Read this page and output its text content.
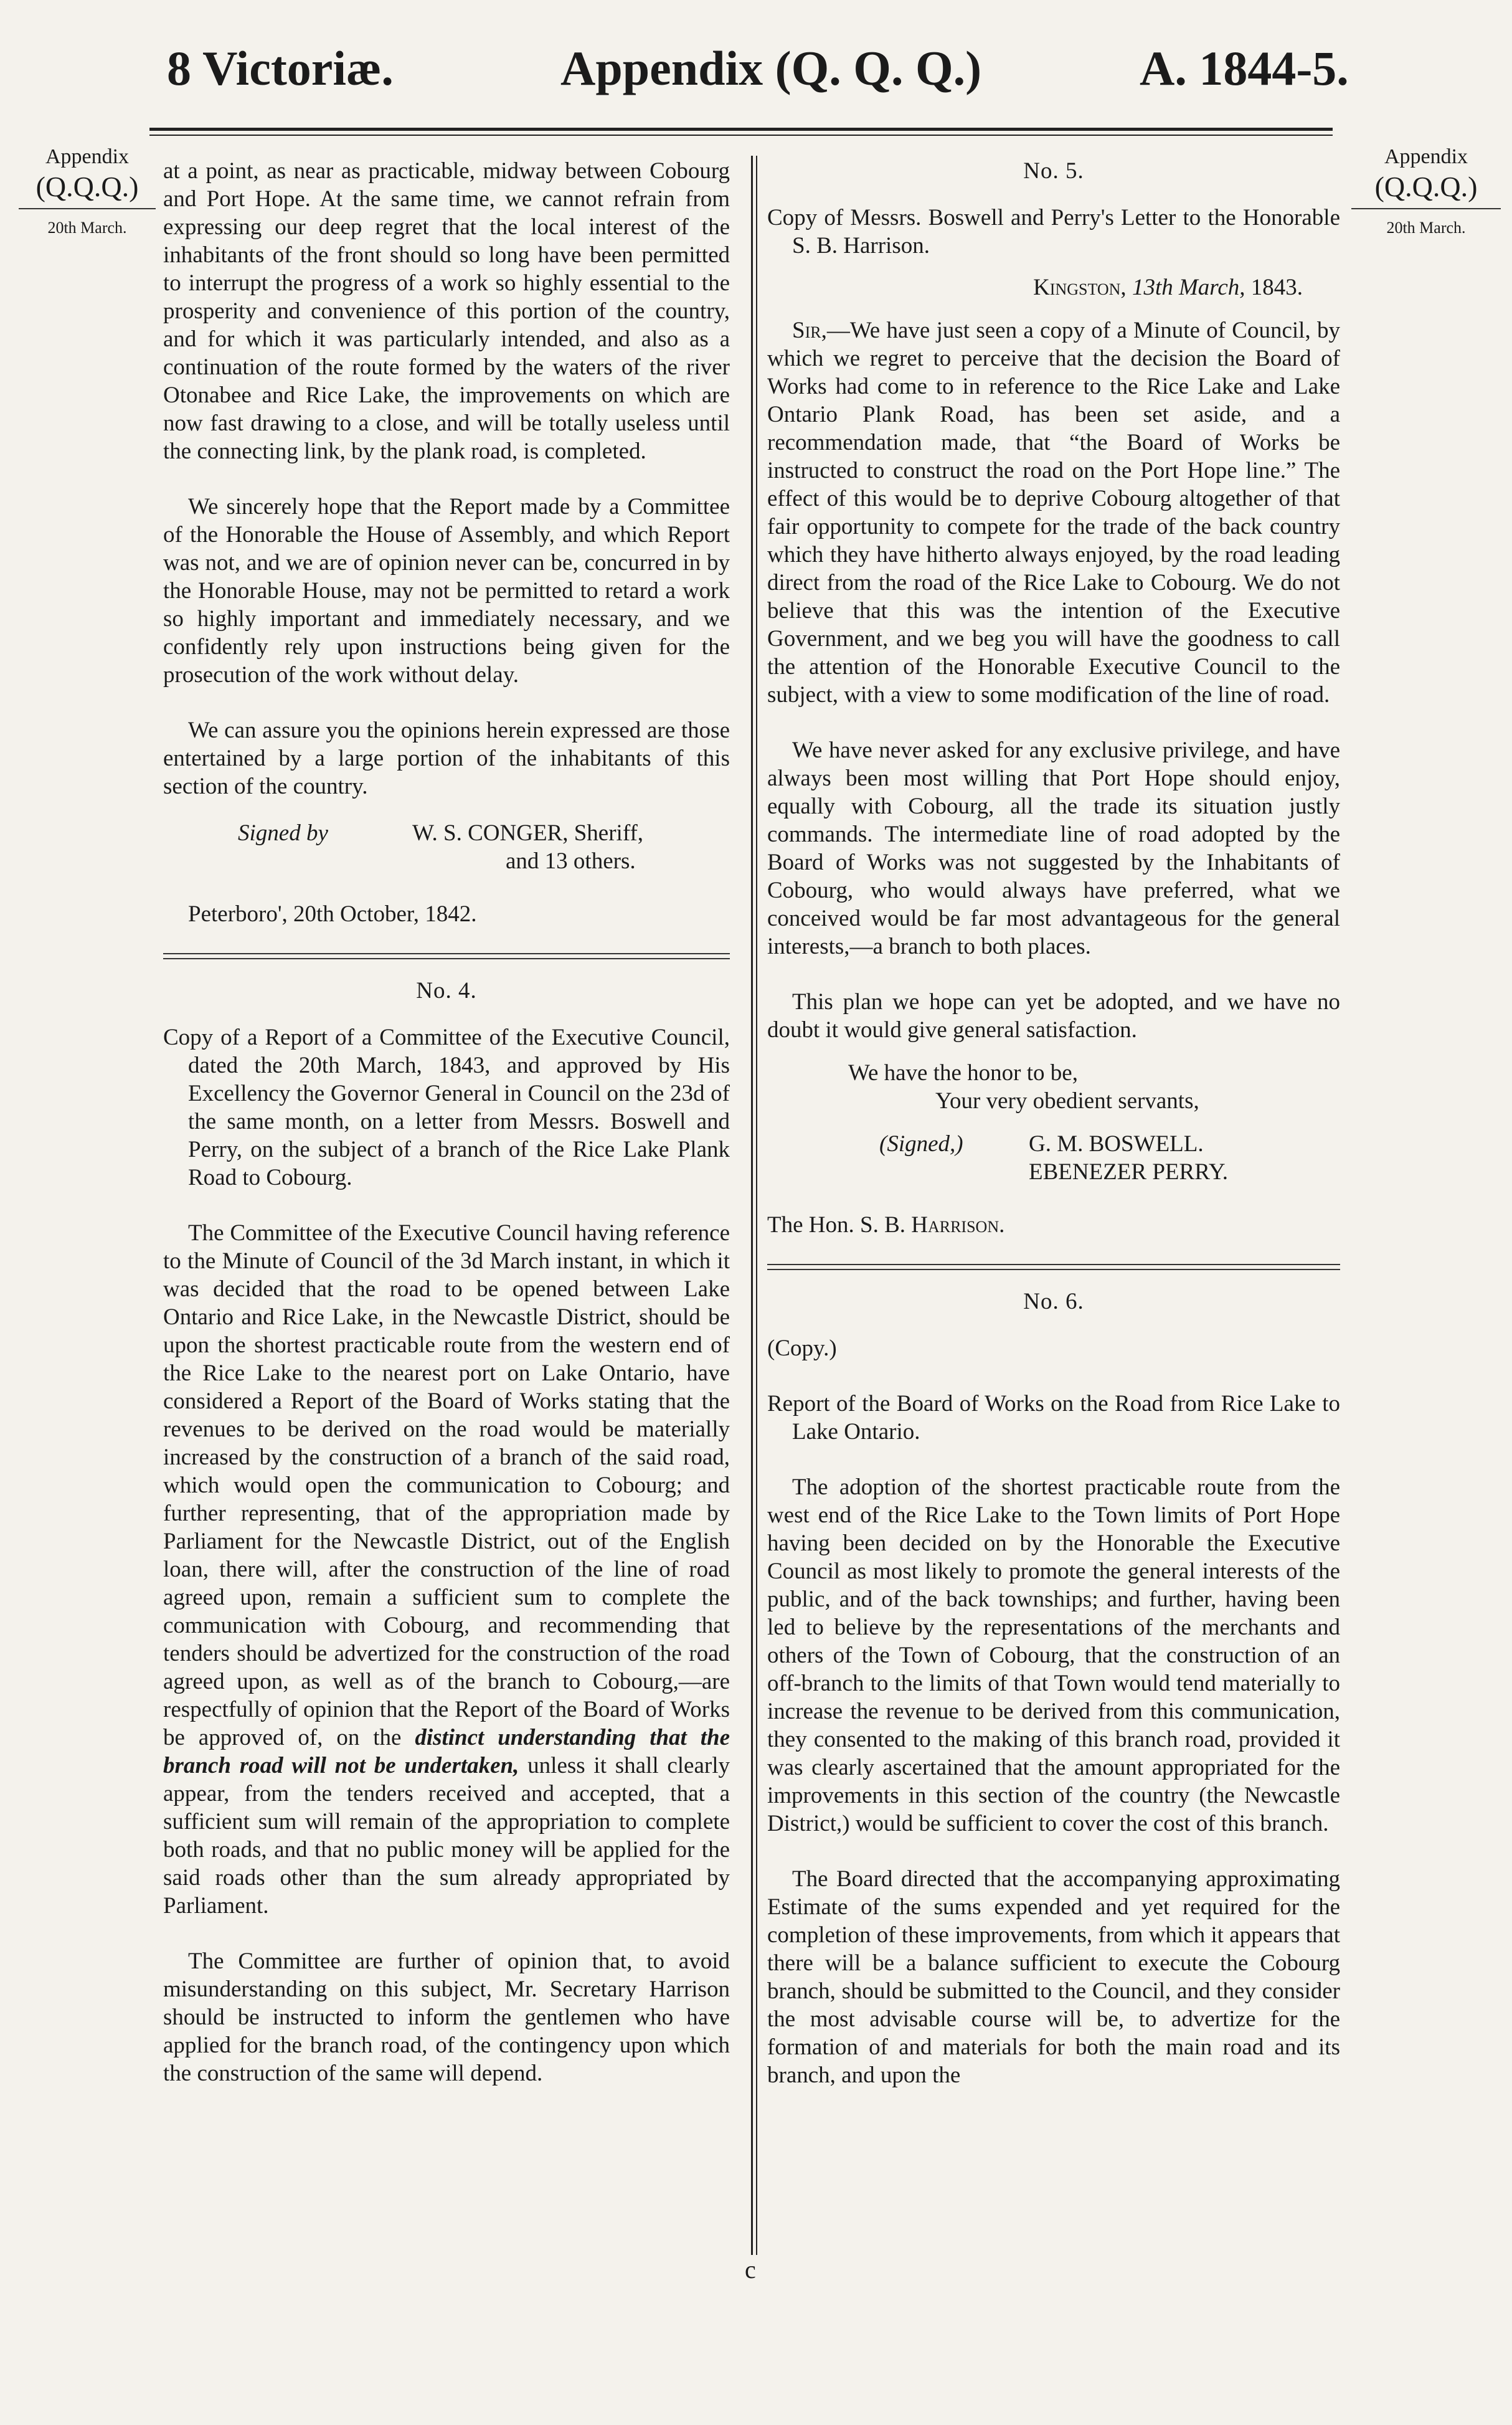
8 Victoriæ.	Appendix (Q. Q. Q.)	A. 1844-5.
Appendix
(Q.Q.Q.)
20th March.
Appendix
(Q.Q.Q.)
20th March.

at a point, as near as practicable, midway between Cobourg and Port Hope. At the same time, we cannot refrain from expressing our deep regret that the local interest of the inhabitants of the front should so long have been permitted to interrupt the progress of a work so highly essential to the prosperity and convenience of this portion of the country, and for which it was particularly intended, and also as a continuation of the route formed by the waters of the river Otonabee and Rice Lake, the improvements on which are now fast drawing to a close, and will be totally useless until the connecting link, by the plank road, is completed.

We sincerely hope that the Report made by a Committee of the Honorable the House of Assembly, and which Report was not, and we are of opinion never can be, concurred in by the Honorable House, may not be permitted to retard a work so highly important and immediately necessary, and we confidently rely upon instructions being given for the prosecution of the work without delay.

We can assure you the opinions herein expressed are those entertained by a large portion of the inhabitants of this section of the country.

Signed by	W. S. CONGER, Sheriff,
and 13 others.

Peterboro', 20th October, 1842.

No. 4.

Copy of a Report of a Committee of the Executive Council, dated the 20th March, 1843, and approved by His Excellency the Governor General in Council on the 23d of the same month, on a letter from Messrs. Boswell and Perry, on the subject of a branch of the Rice Lake Plank Road to Cobourg.

The Committee of the Executive Council having reference to the Minute of Council of the 3d March instant, in which it was decided that the road to be opened between Lake Ontario and Rice Lake, in the Newcastle District, should be upon the shortest practicable route from the western end of the Rice Lake to the nearest port on Lake Ontario, have considered a Report of the Board of Works stating that the revenues to be derived on the road would be materially increased by the construction of a branch of the said road, which would open the communication to Cobourg; and further representing, that of the appropriation made by Parliament for the Newcastle District, out of the English loan, there will, after the construction of the line of road agreed upon, remain a sufficient sum to complete the communication with Cobourg, and recommending that tenders should be advertized for the construction of the road agreed upon, as well as of the branch to Cobourg,—are respectfully of opinion that the Report of the Board of Works be approved of, on the distinct understanding that the branch road will not be undertaken, unless it shall clearly appear, from the tenders received and accepted, that a sufficient sum will remain of the appropriation to complete both roads, and that no public money will be applied for the said roads other than the sum already appropriated by Parliament.

The Committee are further of opinion that, to avoid misunderstanding on this subject, Mr. Secretary Harrison should be instructed to inform the gentlemen who have applied for the branch road, of the contingency upon which the construction of the same will depend.

No. 5.

Copy of Messrs. Boswell and Perry's Letter to the Honorable S. B. Harrison.

Kingston, 13th March, 1843.

Sir,—We have just seen a copy of a Minute of Council, by which we regret to perceive that the decision the Board of Works had come to in reference to the Rice Lake and Lake Ontario Plank Road, has been set aside, and a recommendation made, that “the Board of Works be instructed to construct the road on the Port Hope line.” The effect of this would be to deprive Cobourg altogether of that fair opportunity to compete for the trade of the back country which they have hitherto always enjoyed, by the road leading direct from the road of the Rice Lake to Cobourg. We do not believe that this was the intention of the Executive Government, and we beg you will have the goodness to call the attention of the Honorable Executive Council to the subject, with a view to some modification of the line of road.

We have never asked for any exclusive privilege, and have always been most willing that Port Hope should enjoy, equally with Cobourg, all the trade its situation justly commands. The intermediate line of road adopted by the Board of Works was not suggested by the Inhabitants of Cobourg, who would always have preferred, what we conceived would be far most advantageous for the general interests,—a branch to both places.

This plan we hope can yet be adopted, and we have no doubt it would give general satisfaction.

We have the honor to be,

Your very obedient servants,

(Signed,)	G. M. BOSWELL.
EBENEZER PERRY.

The Hon. S. B. Harrison.

No. 6.

(Copy.)

Report of the Board of Works on the Road from Rice Lake to Lake Ontario.

The adoption of the shortest practicable route from the west end of the Rice Lake to the Town limits of Port Hope having been decided on by the Honorable the Executive Council as most likely to promote the general interests of the public, and of the back townships; and further, having been led to believe by the representations of the merchants and others of the Town of Cobourg, that the construction of an off-branch to the limits of that Town would tend materially to increase the revenue to be derived from this communication, they consented to the making of this branch road, provided it was clearly ascertained that the amount appropriated for the improvements in this section of the country (the Newcastle District,) would be sufficient to cover the cost of this branch.

The Board directed that the accompanying approximating Estimate of the sums expended and yet required for the completion of these improvements, from which it appears that there will be a balance sufficient to execute the Cobourg branch, should be submitted to the Council, and they consider the most advisable course will be, to advertize for the formation of and materials for both the main road and its branch, and upon the

c
